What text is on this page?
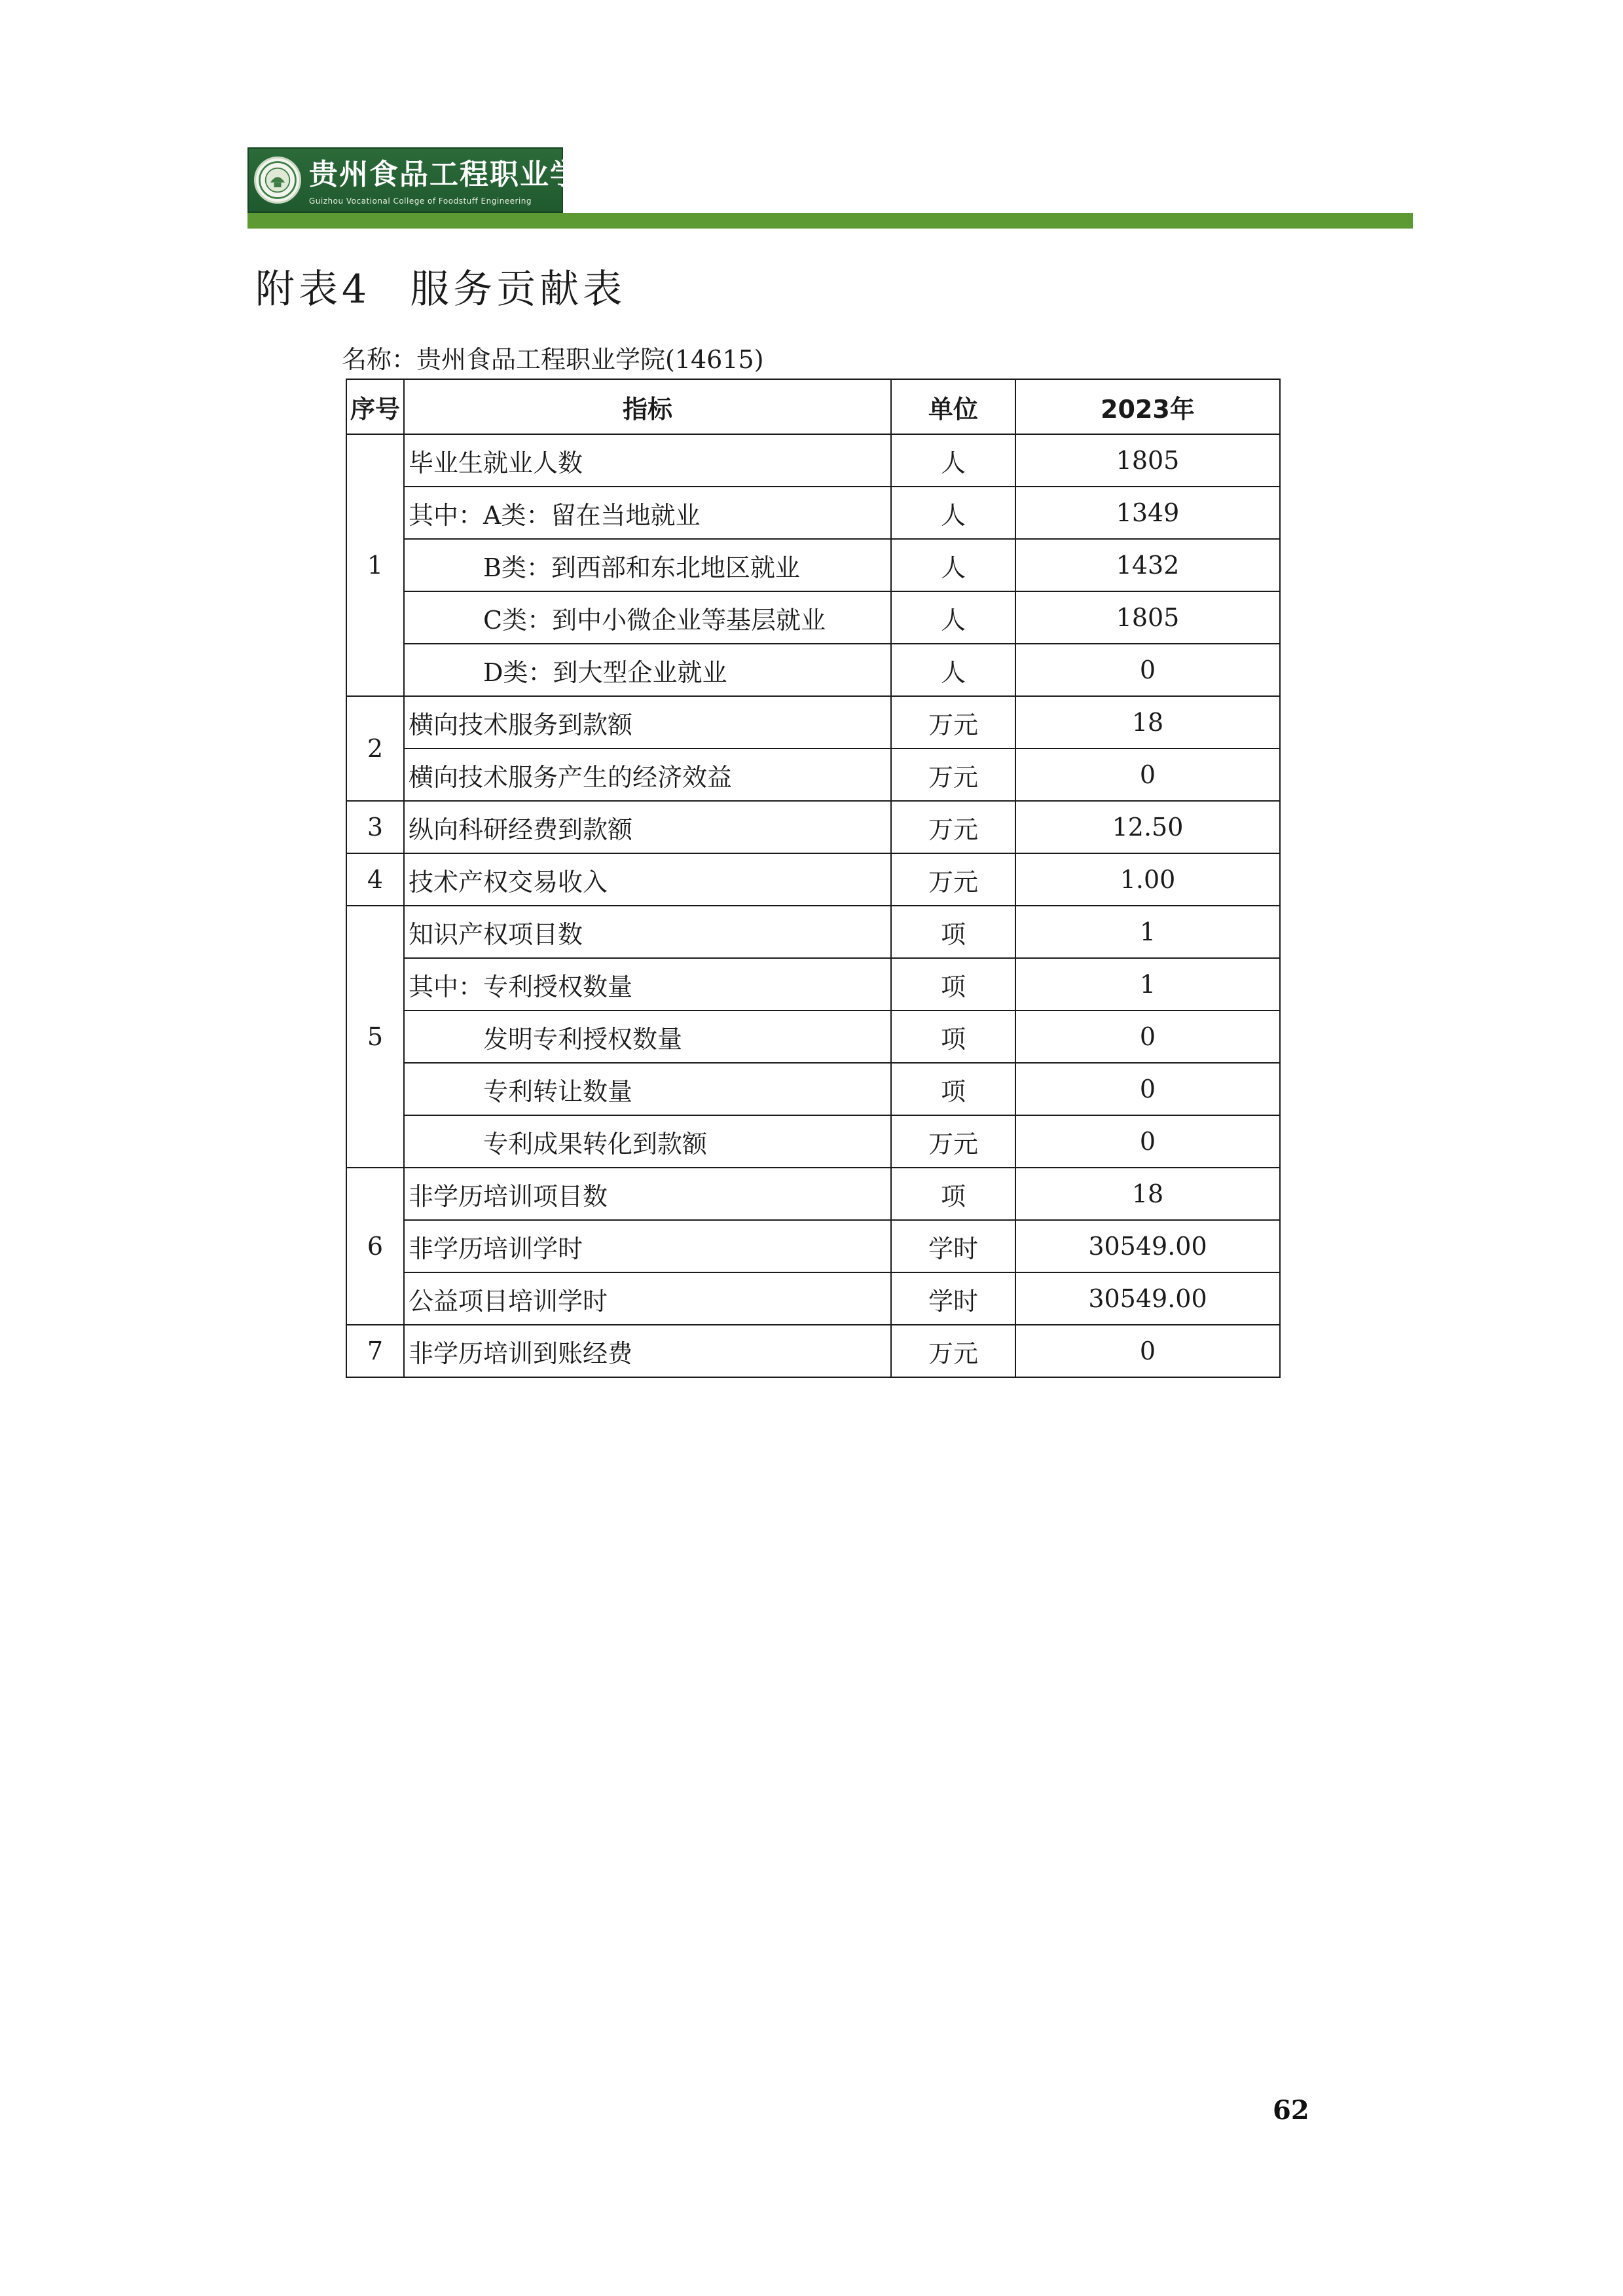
贵州食品工程职业学院
Guizhou Vocational College of Foodstuff Engineering
附表4 服务贡献表
名称：贵州食品工程职业学院(14615)
序号	指标	单位	2023年
1	毕业生就业人数	人	1805
	其中：A类：留在当地就业	人	1349
	B类：到西部和东北地区就业	人	1432
	C类：到中小微企业等基层就业	人	1805
	D类：到大型企业就业	人	0
2	横向技术服务到款额	万元	18
	横向技术服务产生的经济效益	万元	0
3	纵向科研经费到款额	万元	12.50
4	技术产权交易收入	万元	1.00
5	知识产权项目数	项	1
	其中：专利授权数量	项	1
	发明专利授权数量	项	0
	专利转让数量	项	0
	专利成果转化到款额	万元	0
6	非学历培训项目数	项	18
	非学历培训学时	学时	30549.00
	公益项目培训学时	学时	30549.00
7	非学历培训到账经费	万元	0
62
